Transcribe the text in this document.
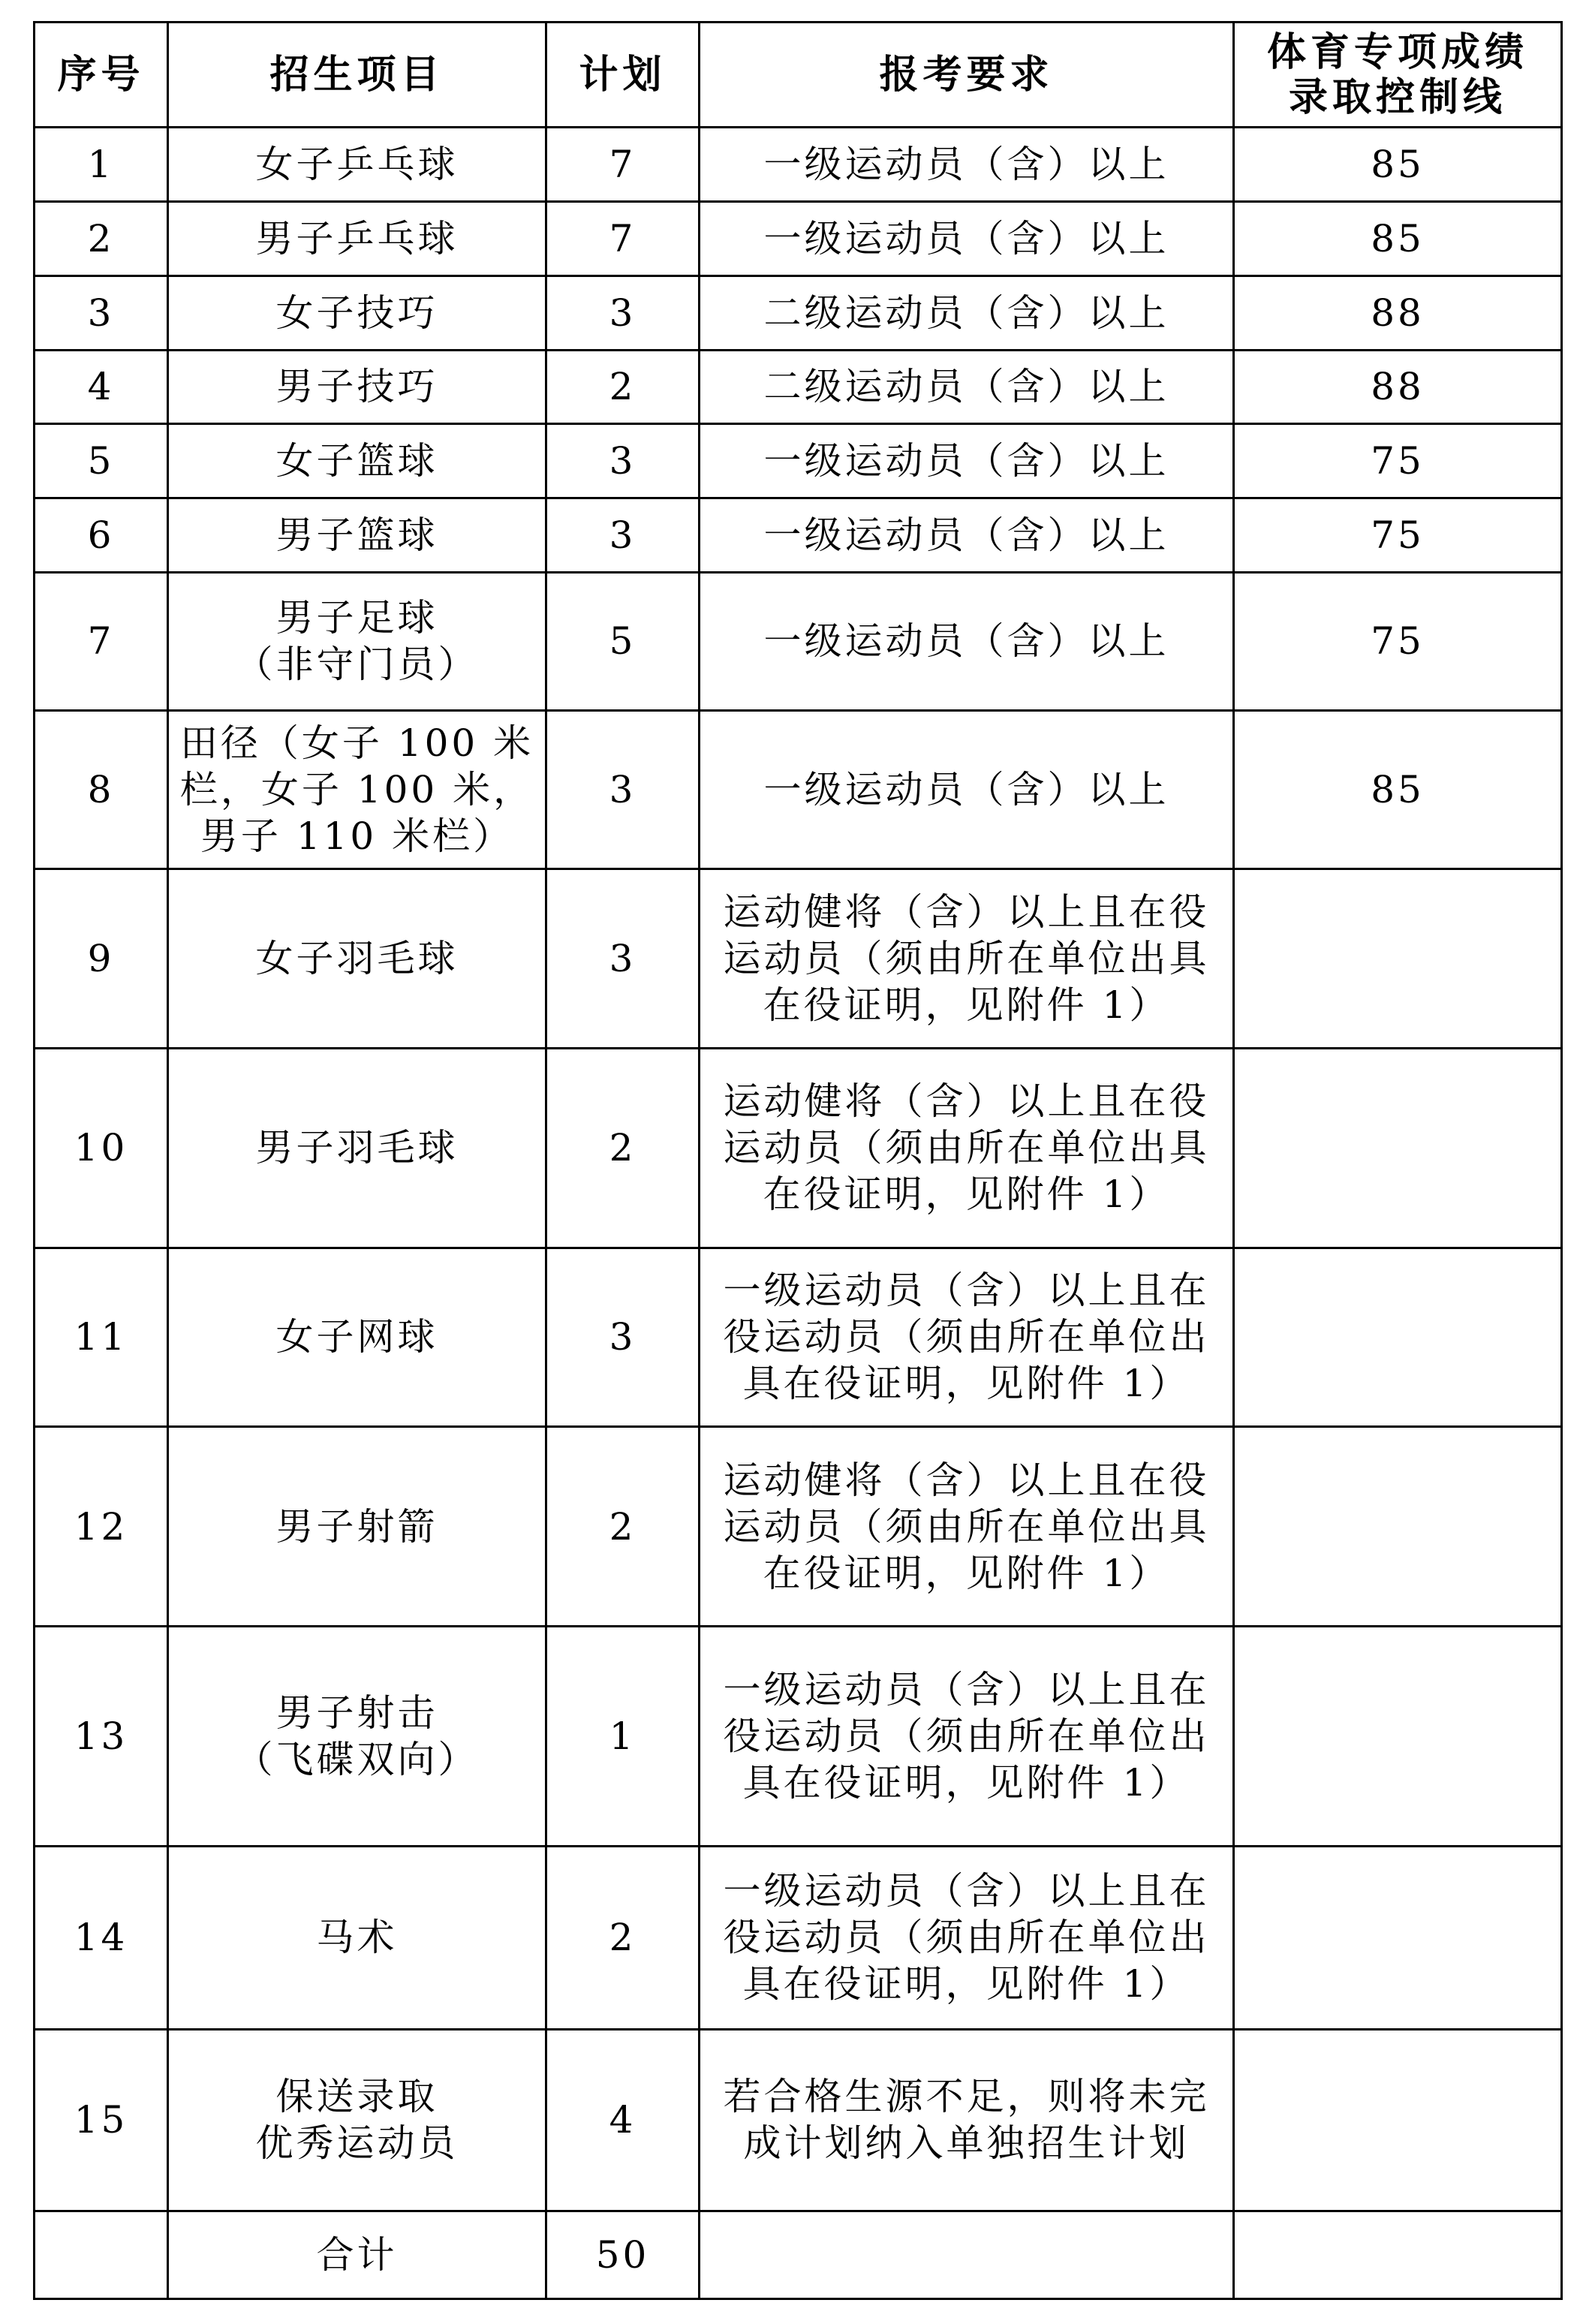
序号	招生项目	计划	报考要求	体育专项成绩
录取控制线

1	女子乒乓球	7	一级运动员（含）以上	85
2	男子乒乓球	7	一级运动员（含）以上	85
3	女子技巧	3	二级运动员（含）以上	88
4	男子技巧	2	二级运动员（含）以上	88
5	女子篮球	3	一级运动员（含）以上	75
6	男子篮球	3	一级运动员（含）以上	75
7	男子足球
（非守门员）	5	一级运动员（含）以上	75
8	田径（女子 100 米
栏，女子 100 米，
男子 110 米栏）	3	一级运动员（含）以上	85
9	女子羽毛球	3	运动健将（含）以上且在役
运动员（须由所在单位出具
在役证明，见附件 1）	

10	男子羽毛球	2	运动健将（含）以上且在役
运动员（须由所在单位出具
在役证明，见附件 1）	

11	女子网球	3	一级运动员（含）以上且在
役运动员（须由所在单位出
具在役证明，见附件 1）	

12	男子射箭	2	运动健将（含）以上且在役
运动员（须由所在单位出具
在役证明，见附件 1）	

13	男子射击
（飞碟双向）	1	一级运动员（含）以上且在
役运动员（须由所在单位出
具在役证明，见附件 1）	

14	马术	2	一级运动员（含）以上且在
役运动员（须由所在单位出
具在役证明，见附件 1）	

15	保送录取
优秀运动员	4	若合格生源不足，则将未完
成计划纳入单独招生计划	

	合计	50	
